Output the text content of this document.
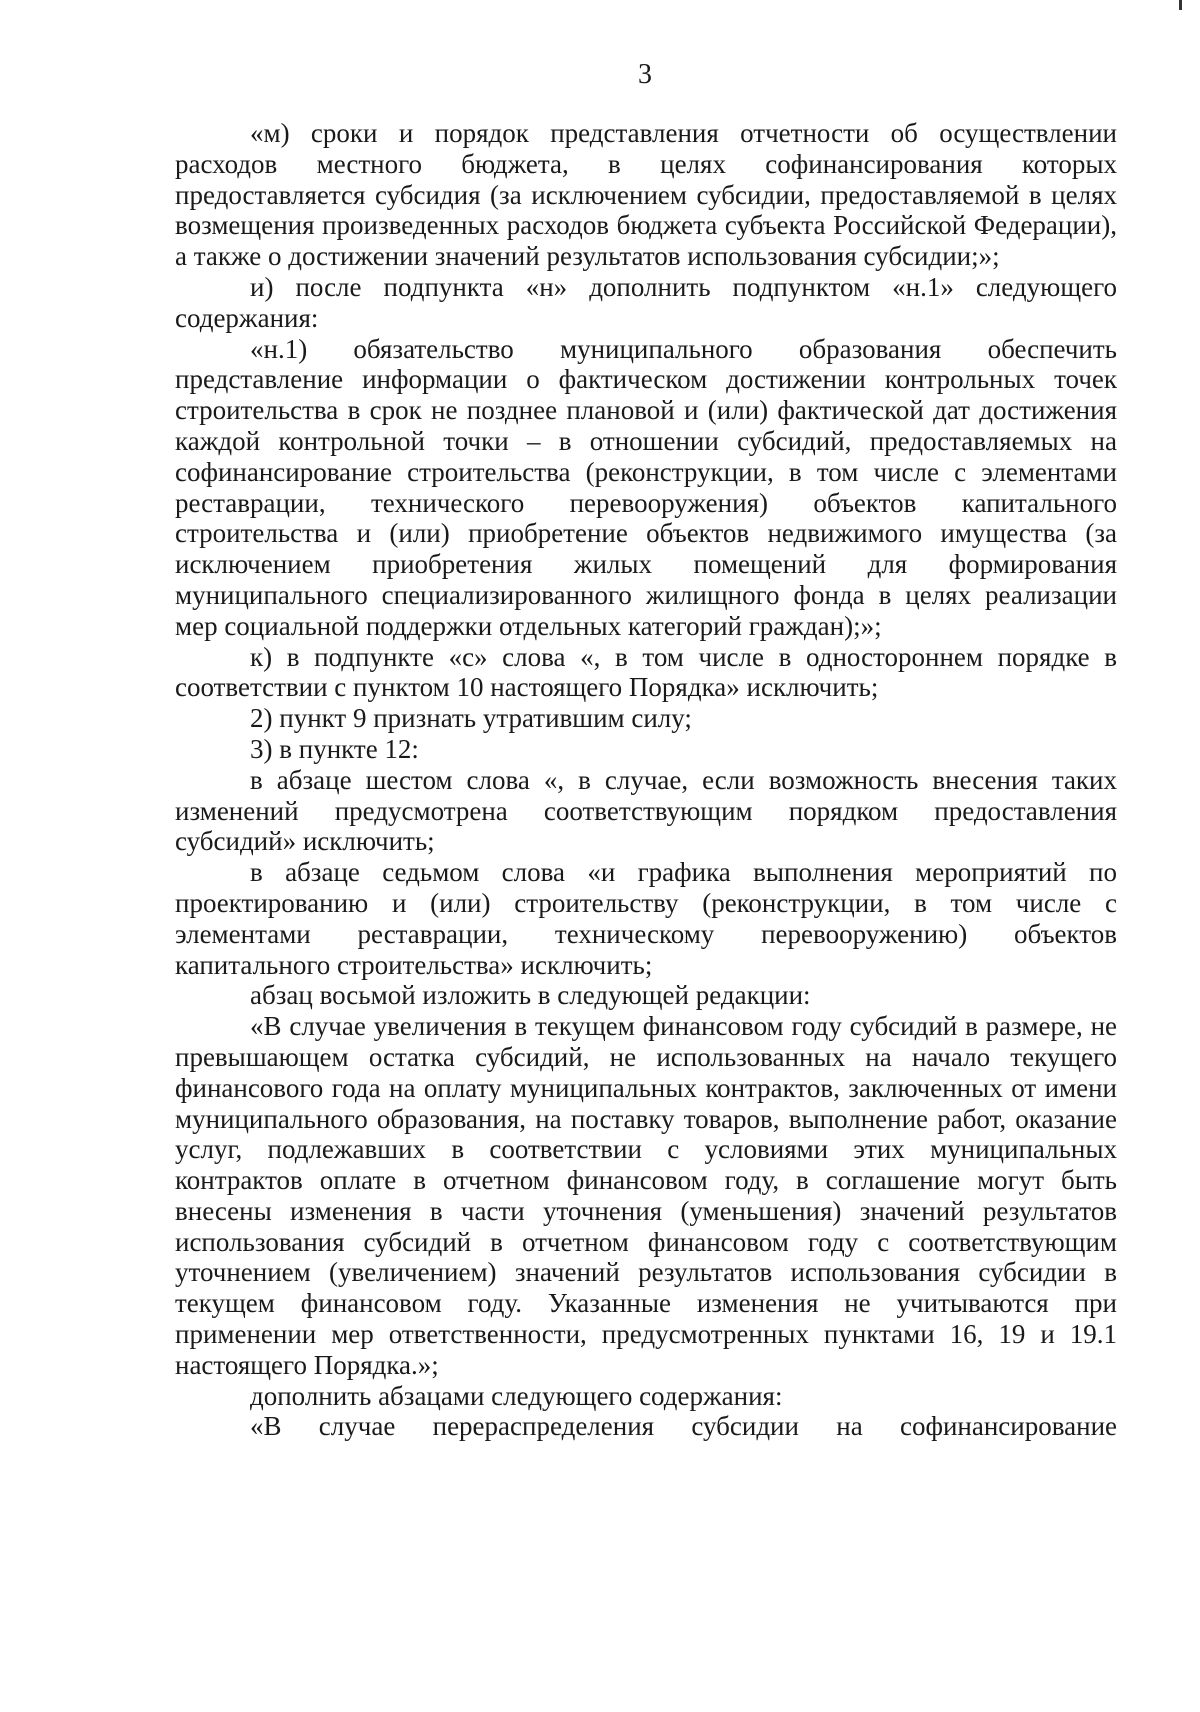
3

«м) сроки и порядок представления отчетности об осуществлении расходов местного бюджета, в целях софинансирования которых предоставляется субсидия (за исключением субсидии, предоставляемой в целях возмещения произведенных расходов бюджета субъекта Российской Федерации), а также о достижении значений результатов использования субсидии;»;

и) после подпункта «н» дополнить подпунктом «н.1» следующего содержания:

«н.1) обязательство муниципального образования обеспечить представление информации о фактическом достижении контрольных точек строительства в срок не позднее плановой и (или) фактической дат достижения каждой контрольной точки – в отношении субсидий, предоставляемых на софинансирование строительства (реконструкции, в том числе с элементами реставрации, технического перевооружения) объектов капитального строительства и (или) приобретение объектов недвижимого имущества (за исключением приобретения жилых помещений для формирования муниципального специализированного жилищного фонда в целях реализации мер социальной поддержки отдельных категорий граждан);»;

к) в подпункте «с» слова «, в том числе в одностороннем порядке в соответствии с пунктом 10 настоящего Порядка» исключить;

2) пункт 9 признать утратившим силу;

3) в пункте 12:

в абзаце шестом слова «, в случае, если возможность внесения таких изменений предусмотрена соответствующим порядком предоставления субсидий» исключить;

в абзаце седьмом слова «и графика выполнения мероприятий по проектированию и (или) строительству (реконструкции, в том числе с элементами реставрации, техническому перевооружению) объектов капитального строительства» исключить;

абзац восьмой изложить в следующей редакции:

«В случае увеличения в текущем финансовом году субсидий в размере, не превышающем остатка субсидий, не использованных на начало текущего финансового года на оплату муниципальных контрактов, заключенных от имени муниципального образования, на поставку товаров, выполнение работ, оказание услуг, подлежавших в соответствии с условиями этих муниципальных контрактов оплате в отчетном финансовом году, в соглашение могут быть внесены изменения в части уточнения (уменьшения) значений результатов использования субсидий в отчетном финансовом году с соответствующим уточнением (увеличением) значений результатов использования субсидии в текущем финансовом году. Указанные изменения не учитываются при применении мер ответственности, предусмотренных пунктами 16, 19 и 19.1 настоящего Порядка.»;

дополнить абзацами следующего содержания:

«В случае перераспределения субсидии на софинансирование
